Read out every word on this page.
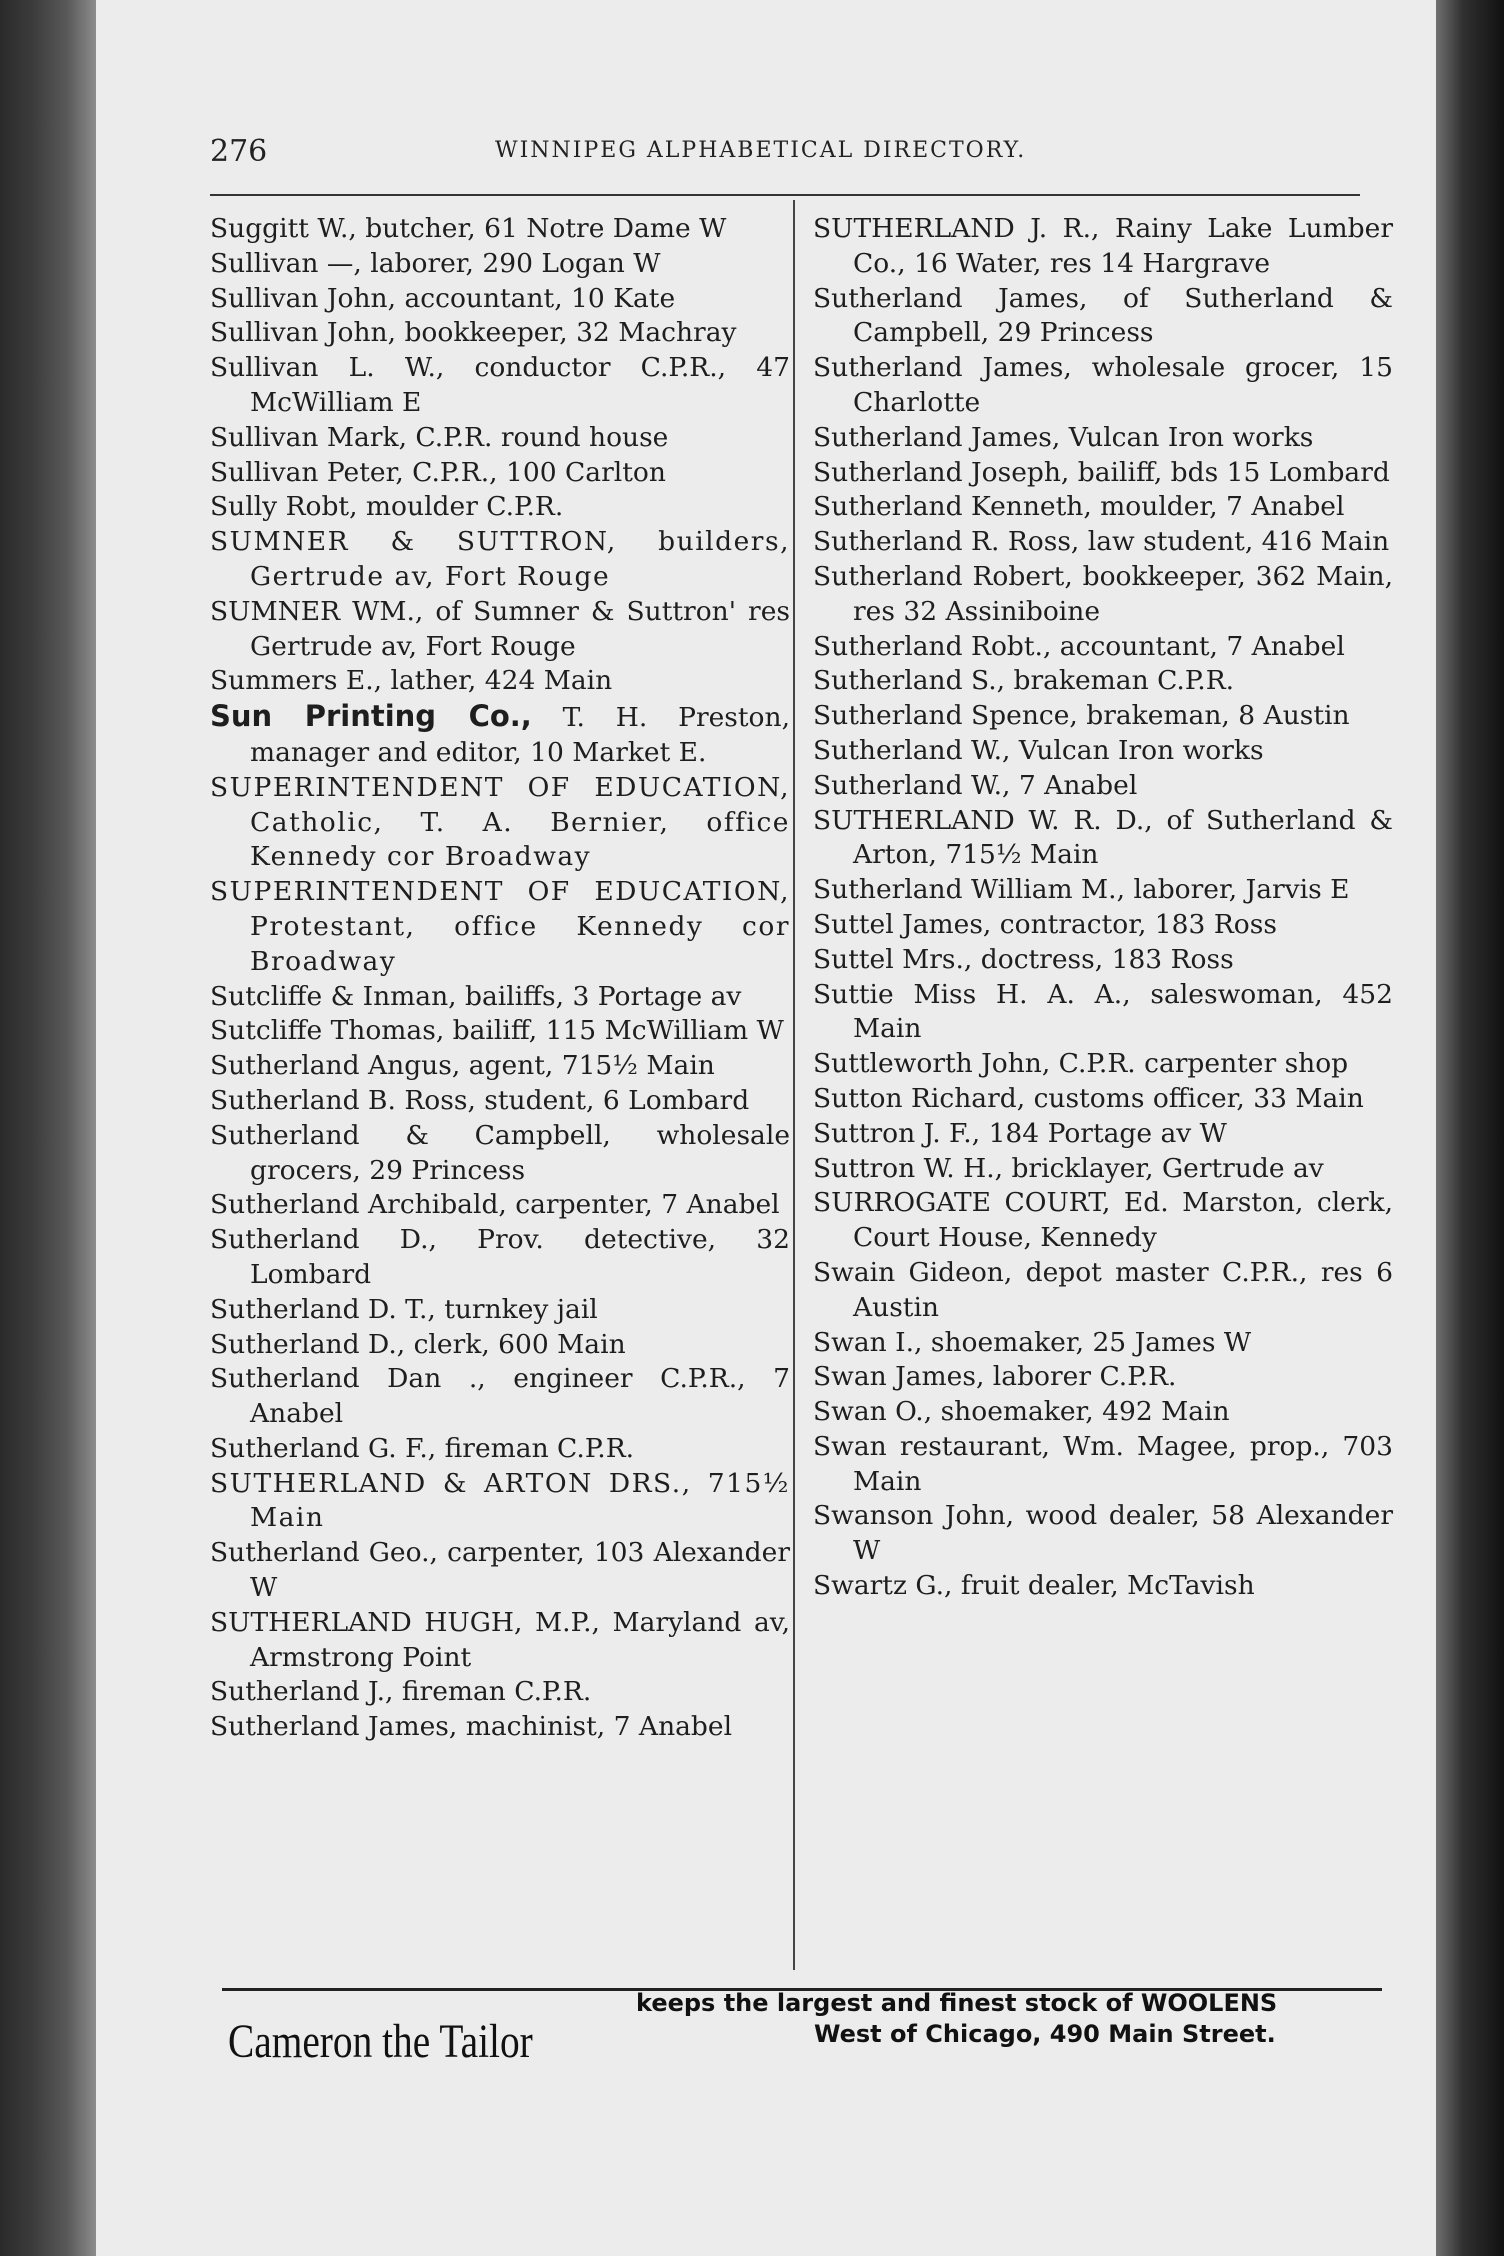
276	WINNIPEG ALPHABETICAL DIRECTORY.
Suggitt W., butcher, 61 Notre Dame W
Sullivan —, laborer, 290 Logan W
Sullivan John, accountant, 10 Kate
Sullivan John, bookkeeper, 32 Machray
Sullivan L. W., conductor C.P.R., 47 McWilliam E
Sullivan Mark, C.P.R. round house
Sullivan Peter, C.P.R., 100 Carlton
Sully Robt, moulder C.P.R.
SUMNER & SUTTRON, builders, Gertrude av, Fort Rouge
SUMNER WM., of Sumner & Suttron' res Gertrude av, Fort Rouge
Summers E., lather, 424 Main
Sun Printing Co., T. H. Preston, manager and editor, 10 Market E.
SUPERINTENDENT OF EDUCATION, Catholic, T. A. Bernier, office Kennedy cor Broadway
SUPERINTENDENT OF EDUCATION, Protestant, office Kennedy cor Broadway
Sutcliffe & Inman, bailiffs, 3 Portage av
Sutcliffe Thomas, bailiff, 115 McWilliam W
Sutherland Angus, agent, 715½ Main
Sutherland B. Ross, student, 6 Lombard
Sutherland & Campbell, wholesale grocers, 29 Princess
Sutherland Archibald, carpenter, 7 Anabel
Sutherland D., Prov. detective, 32 Lombard
Sutherland D. T., turnkey jail
Sutherland D., clerk, 600 Main
Sutherland Dan ., engineer C.P.R., 7 Anabel
Sutherland G. F., fireman C.P.R.
SUTHERLAND & ARTON DRS., 715½ Main
Sutherland Geo., carpenter, 103 Alexander W
SUTHERLAND HUGH, M.P., Maryland av, Armstrong Point
Sutherland J., fireman C.P.R.
Sutherland James, machinist, 7 Anabel
SUTHERLAND J. R., Rainy Lake Lumber Co., 16 Water, res 14 Hargrave
Sutherland James, of Sutherland & Campbell, 29 Princess
Sutherland James, wholesale grocer, 15 Charlotte
Sutherland James, Vulcan Iron works
Sutherland Joseph, bailiff, bds 15 Lombard
Sutherland Kenneth, moulder, 7 Anabel
Sutherland R. Ross, law student, 416 Main
Sutherland Robert, bookkeeper, 362 Main, res 32 Assiniboine
Sutherland Robt., accountant, 7 Anabel
Sutherland S., brakeman C.P.R.
Sutherland Spence, brakeman, 8 Austin
Sutherland W., Vulcan Iron works
Sutherland W., 7 Anabel
SUTHERLAND W. R. D., of Sutherland & Arton, 715½ Main
Sutherland William M., laborer, Jarvis E
Suttel James, contractor, 183 Ross
Suttel Mrs., doctress, 183 Ross
Suttie Miss H. A. A., saleswoman, 452 Main
Suttleworth John, C.P.R. carpenter shop
Sutton Richard, customs officer, 33 Main
Suttron J. F., 184 Portage av W
Suttron W. H., bricklayer, Gertrude av
SURROGATE COURT, Ed. Marston, clerk, Court House, Kennedy
Swain Gideon, depot master C.P.R., res 6 Austin
Swan I., shoemaker, 25 James W
Swan James, laborer C.P.R.
Swan O., shoemaker, 492 Main
Swan restaurant, Wm. Magee, prop., 703 Main
Swanson John, wood dealer, 58 Alexander W
Swartz G., fruit dealer, McTavish
Cameron the Tailor
keeps the largest and finest stock of WOOLENS
West of Chicago, 490 Main Street.
